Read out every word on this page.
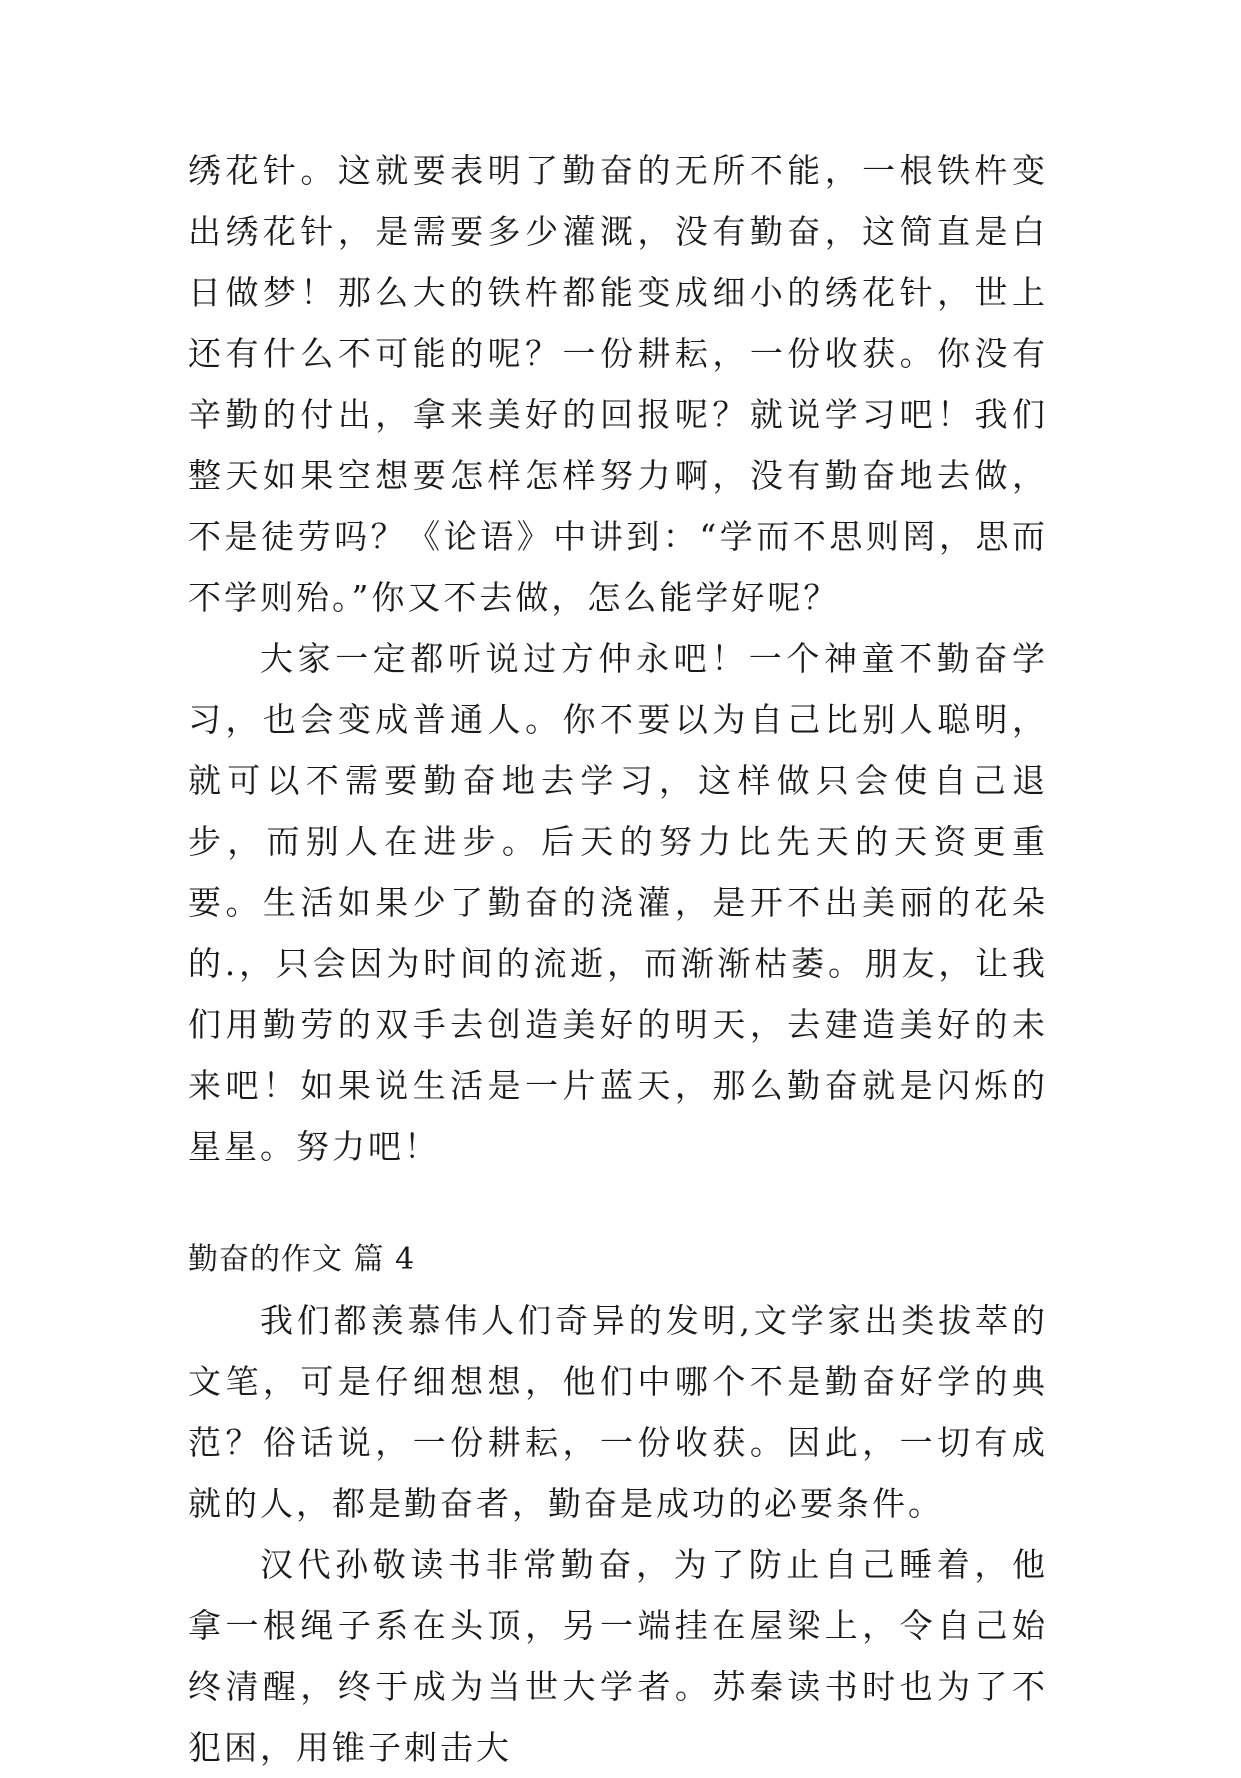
绣花针。这就要表明了勤奋的无所不能，一根铁杵变出绣花针，是需要多少灌溉，没有勤奋，这简直是白日做梦！那么大的铁杵都能变成细小的绣花针，世上还有什么不可能的呢？一份耕耘，一份收获。你没有辛勤的付出，拿来美好的回报呢？就说学习吧！我们整天如果空想要怎样怎样努力啊，没有勤奋地去做，不是徒劳吗？《论语》中讲到：“学而不思则罔，思而不学则殆。”你又不去做，怎么能学好呢？

大家一定都听说过方仲永吧！一个神童不勤奋学习，也会变成普通人。你不要以为自己比别人聪明，就可以不需要勤奋地去学习，这样做只会使自己退步，而别人在进步。后天的努力比先天的天资更重要。生活如果少了勤奋的浇灌，是开不出美丽的花朵的.，只会因为时间的流逝，而渐渐枯萎。朋友，让我们用勤劳的双手去创造美好的明天，去建造美好的未来吧！如果说生活是一片蓝天，那么勤奋就是闪烁的星星。努力吧！

勤奋的作文 篇 4

我们都羡慕伟人们奇异的发明,文学家出类拔萃的文笔，可是仔细想想，他们中哪个不是勤奋好学的典范？俗话说，一份耕耘，一份收获。因此，一切有成就的人，都是勤奋者，勤奋是成功的必要条件。

汉代孙敬读书非常勤奋，为了防止自己睡着，他拿一根绳子系在头顶，另一端挂在屋梁上，令自己始终清醒，终于成为当世大学者。苏秦读书时也为了不犯困，用锥子刺击大
